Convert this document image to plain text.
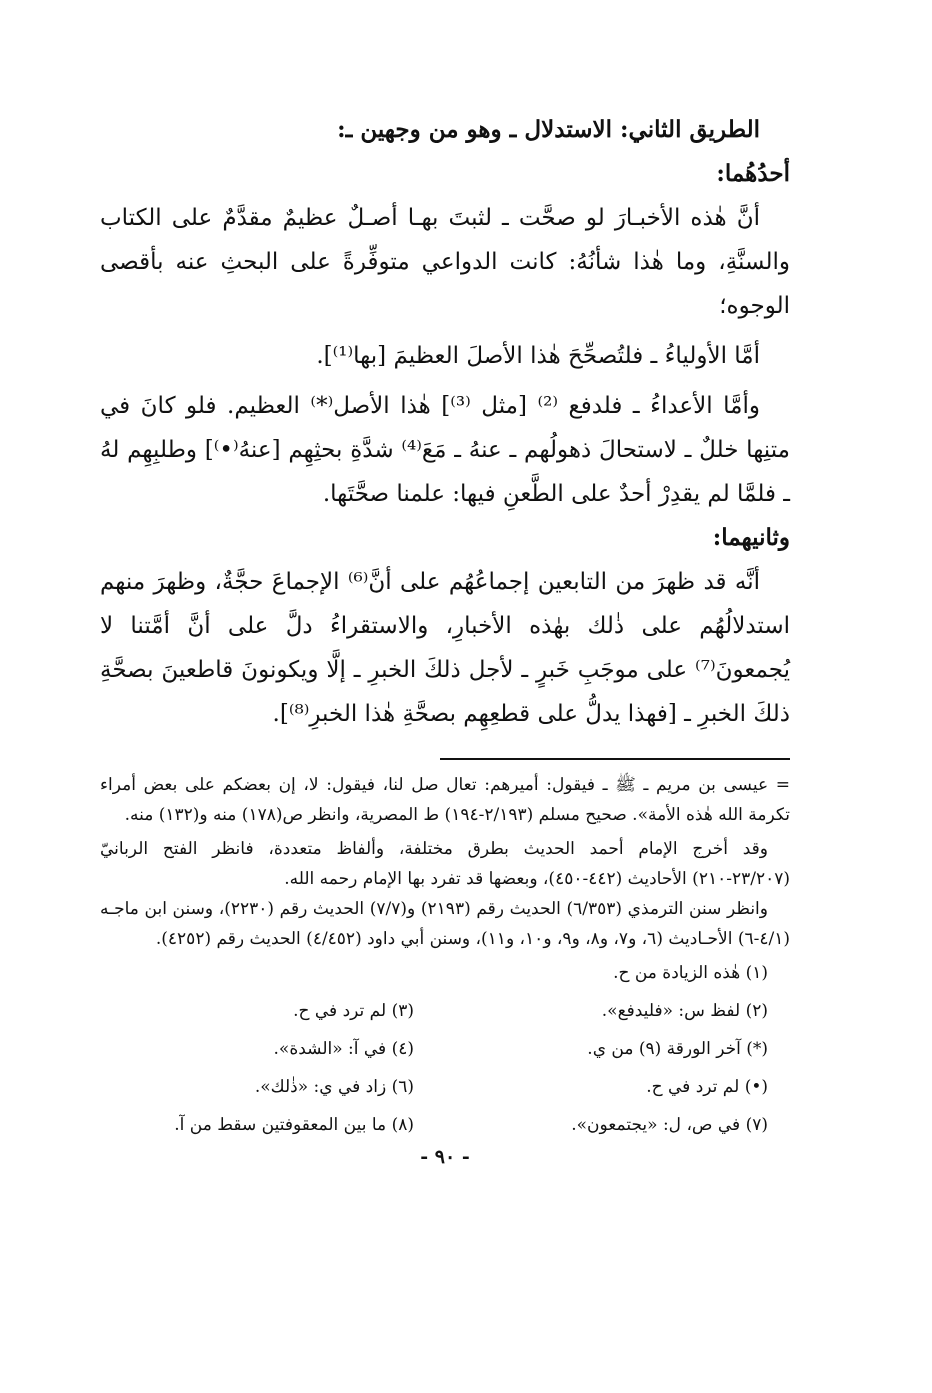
الطريق الثاني: الاستدلال ـ وهو من وجهين ـ:

أحدُهُما:

أنَّ هٰذه الأخبـارَ لو صحَّت ـ لثبتَ بهـا أصـلٌ عظيمٌ مقدَّمٌ على الكتاب والسنَّةِ، وما هٰذا شأنُهُ: كانت الدواعي متوفِّرةً على البحثِ عنه بأقصى الوجوه؛

أمَّا الأولياءُ ـ فلتُصحِّحَ هٰذا الأصلَ العظيمَ [بها⁽¹⁾].

وأمَّا الأعداءُ ـ فلدفع ⁽²⁾ [مثل ⁽³⁾] هٰذا الأصل⁽*⁾ العظيم. فلو كانَ في متنِها خللٌ ـ لاستحالَ ذهولُهم ـ عنهُ ـ مَعَ⁽⁴⁾ شدَّةِ بحثِهِم [عنهُ⁽•⁾] وطلبِهِم لهُ ـ فلمَّا لم يقدِرْ أحدٌ على الطَّعنِ فيها: علمنا صحَّتَها.

وثانيهما:

أنَّه قد ظهرَ من التابعين إجماعُهُم على أنَّ⁽⁶⁾ الإجماعَ حجَّةٌ، وظهرَ منهم استدلالُهُم على ذٰلك بهٰذه الأخبارِ، والاستقراءُ دلَّ على أنَّ أمَّتنا لا يُجمعونَ⁽⁷⁾ على موجَبِ خَبرٍ ـ لأجل ذلكَ الخبرِ ـ إلَّا ويكونونَ قاطعينَ بصحَّةِ ذلكَ الخبرِ ـ [فهذا يدلُّ على قطعِهِم بصحَّةِ هٰذا الخبرِ⁽⁸⁾].

= عيسى بن مريم ـ ﷺ ـ فيقول: أميرهم: تعال صل لنا، فيقول: لا، إن بعضكم على بعض أمراء تكرمة الله هٰذه الأمة». صحيح مسلم (٢/١٩٣-١٩٤) ط المصرية، وانظر ص(١٧٨) منه و(١٣٢) منه.

وقد أخرج الإمام أحمد الحديث بطرق مختلفة، وألفاظ متعددة، فانظر الفتح الربانيّ (٢٣/٢٠٧-٢١٠) الأحاديث (٤٤٢-٤٥٠)، وبعضها قد تفرد بها الإمام رحمه الله.

وانظر سنن الترمذي (٦/٣٥٣) الحديث رقم (٢١٩٣) و(٧/٧) الحديث رقم (٢٢٣٠)، وسنن ابن ماجـه (٤/١-٦) الأحـاديث (٦، و٧، و٨، و٩، و١٠، و١١)، وسنن أبي داود (٤/٤٥٢) الحديث رقم (٤٢٥٢).

(١) هٰذه الزيادة من ح.
(٢) لفظ س: «فليدفع».
(٣) لم ترد في ح.
(*) آخر الورقة (٩) من ي.
(٤) في آ: «الشدة».
(•) لم ترد في ح.
(٦) زاد في ي: «ذٰلك».
(٧) في ص، ل: «يجتمعون».
(٨) ما بين المعقوفتين سقط من آ.
- ٩٠ -
